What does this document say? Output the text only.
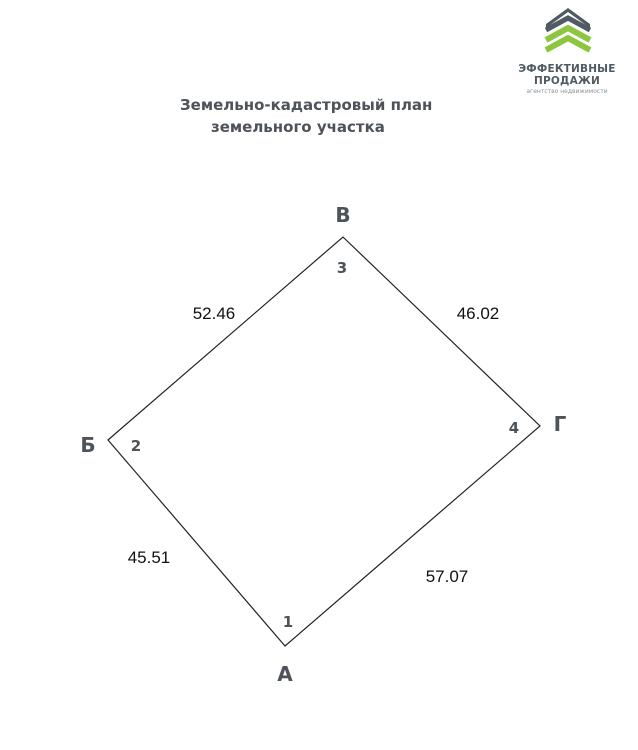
ЭФФЕКТИВНЫЕ
ПРОДАЖИ
агентство недвижимости
Земельно-кадастровый план
земельного участка
А
Б
В
Г
1
2
3
4
45.51
52.46	46.02
57.07
